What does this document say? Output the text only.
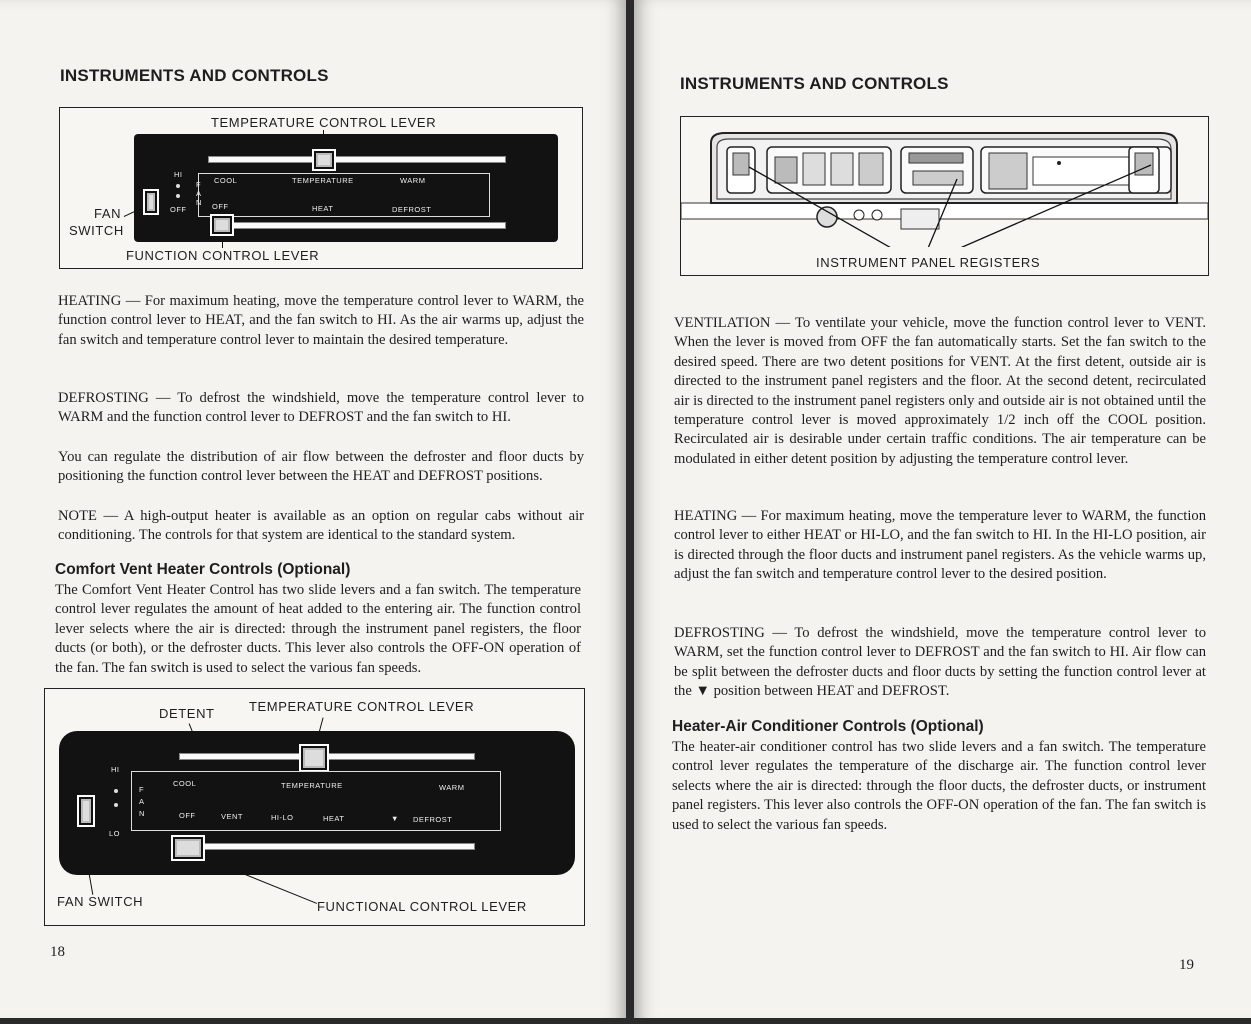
INSTRUMENTS AND CONTROLS
TEMPERATURE CONTROL LEVER
HI
OFF
F
A
N
COOL	TEMPERATURE	WARM
OFF	HEAT	DEFROST
FAN
SWITCH
FUNCTION CONTROL LEVER

HEATING — For maximum heating, move the temperature control lever to WARM, the function control lever to HEAT, and the fan switch to HI. As the air warms up, adjust the fan switch and temperature control lever to maintain the desired temperature.

DEFROSTING — To defrost the windshield, move the temperature control lever to WARM and the function control lever to DEFROST and the fan switch to HI.

You can regulate the distribution of air flow between the defroster and floor ducts by positioning the function control lever between the HEAT and DEFROST positions.

NOTE — A high-output heater is available as an option on regular cabs without air conditioning. The controls for that system are identical to the standard system.

Comfort Vent Heater Controls (Optional)

The Comfort Vent Heater Control has two slide levers and a fan switch. The temperature control lever regulates the amount of heat added to the entering air. The function control lever selects where the air is directed: through the instrument panel registers, the floor ducts (or both), or the defroster ducts. This lever also controls the OFF-ON operation of the fan. The fan switch is used to select the various fan speeds.

DETENT	TEMPERATURE CONTROL LEVER
HI
LO
F
A
N
COOL	TEMPERATURE	WARM
OFF	VENT	HI-LO	HEAT	▼ DEFROST
FAN SWITCH	FUNCTIONAL CONTROL LEVER
18
INSTRUMENTS AND CONTROLS
INSTRUMENT PANEL REGISTERS

VENTILATION — To ventilate your vehicle, move the function control lever to VENT. When the lever is moved from OFF the fan automatically starts. Set the fan switch to the desired speed. There are two detent positions for VENT. At the first detent, outside air is directed to the instrument panel registers and the floor. At the second detent, recirculated air is directed to the instrument panel registers only and outside air is not obtained until the temperature control lever is moved approximately 1/2 inch off the COOL position. Recirculated air is desirable under certain traffic conditions. The air temperature can be modulated in either detent position by adjusting the temperature control lever.

HEATING — For maximum heating, move the temperature lever to WARM, the function control lever to either HEAT or HI-LO, and the fan switch to HI. In the HI-LO position, air is directed through the floor ducts and instrument panel registers. As the vehicle warms up, adjust the fan switch and temperature control lever to the desired position.

DEFROSTING — To defrost the windshield, move the temperature control lever to WARM, set the function control lever to DEFROST and the fan switch to HI. Air flow can be split between the defroster ducts and floor ducts by setting the function control lever at the ▼ position between HEAT and DEFROST.

Heater-Air Conditioner Controls (Optional)

The heater-air conditioner control has two slide levers and a fan switch. The temperature control lever regulates the temperature of the discharge air. The function control lever selects where the air is directed: through the floor ducts, the defroster ducts, or instrument panel registers. This lever also controls the OFF-ON operation of the fan. The fan switch is used to select the various fan speeds.

19
